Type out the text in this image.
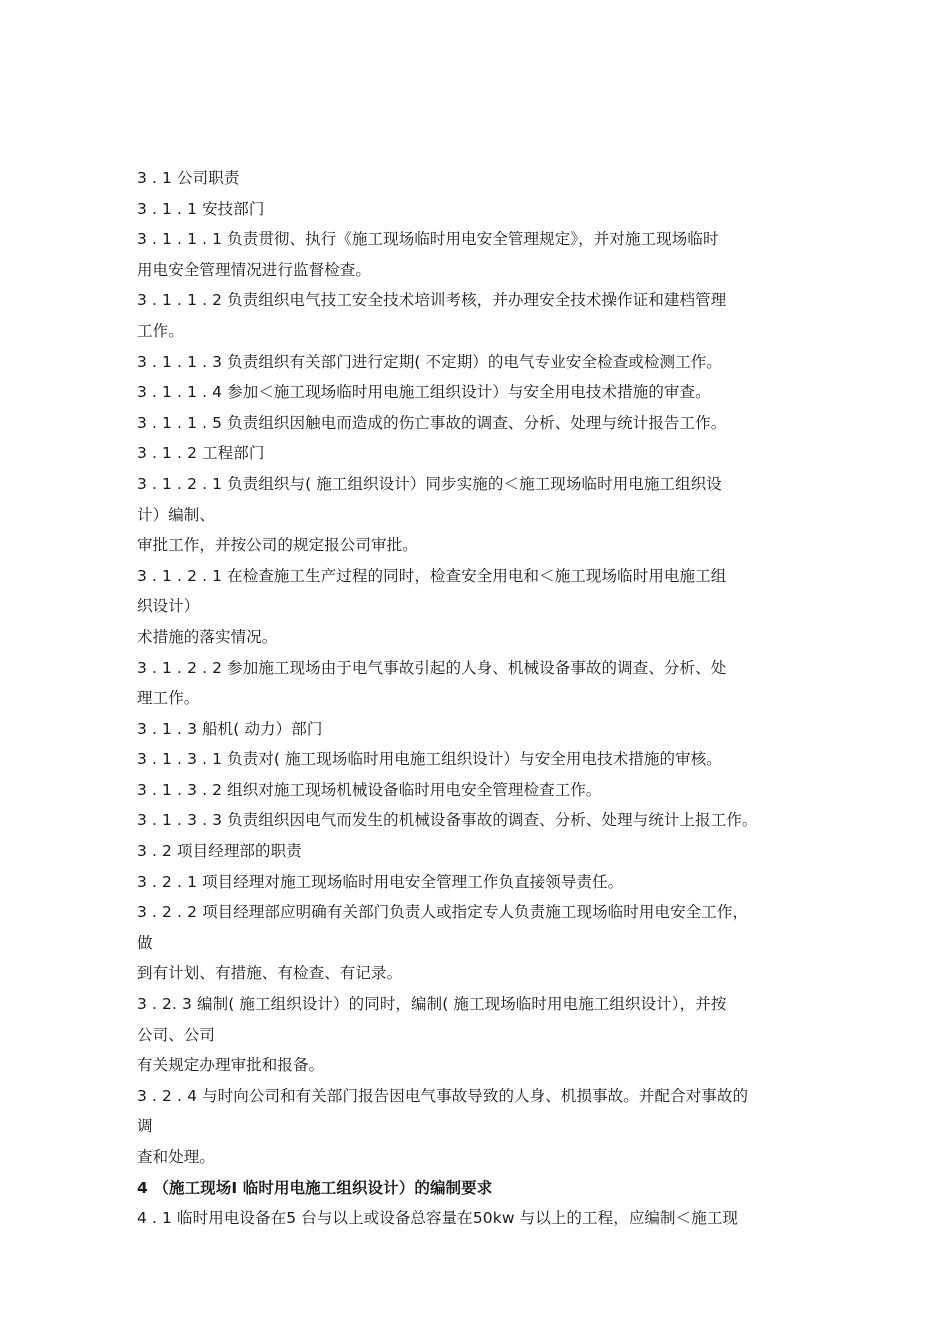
3 . 1 公司职责
3 . 1 . 1 安技部门
3 . 1 . 1 . 1 负责贯彻、执行《施工现场临时用电安全管理规定》，并对施工现场临时
用电安全管理情况进行监督检查。
3 . 1 . 1 . 2 负责组织电气技工安全技术培训考核，并办理安全技术操作证和建档管理
工作。
3 . 1 . 1 . 3 负责组织有关部门进行定期( 不定期）的电气专业安全检查或检测工作。
3 . 1 . 1 . 4 参加＜施工现场临时用电施工组织设计）与安全用电技术措施的审查。
3 . 1 . 1 . 5 负责组织因触电而造成的伤亡事故的调查、分析、处理与统计报告工作。
3 . 1 . 2 工程部门
3 . 1 . 2 . 1 负责组织与( 施工组织设计）同步实施的＜施工现场临时用电施工组织设
计）编制、
审批工作，并按公司的规定报公司审批。
3 . 1 . 2 . 1 在检查施工生产过程的同时，检查安全用电和＜施工现场临时用电施工组
织设计）
术措施的落实情况。
3 . 1 . 2 . 2 参加施工现场由于电气事故引起的人身、机械设备事故的调查、分析、处
理工作。
3 . 1 . 3 船机( 动力）部门
3 . 1 . 3 . 1 负责对( 施工现场临时用电施工组织设计）与安全用电技术措施的审核。
3 . 1 . 3 . 2 组织对施工现场机械设备临时用电安全管理检查工作。
3 . 1 . 3 . 3 负责组织因电气而发生的机械设备事故的调查、分析、处理与统计上报工作。
3 . 2 项目经理部的职责
3 . 2 . 1 项目经理对施工现场临时用电安全管理工作负直接领导责任。
3 . 2 . 2 项目经理部应明确有关部门负责人或指定专人负责施工现场临时用电安全工作，
做
到有计划、有措施、有检查、有记录。
3 . 2. 3 编制( 施工组织设计）的同时，编制( 施工现场临时用电施工组织设计），并按
公司、公司
有关规定办理审批和报备。
3 . 2 . 4 与时向公司和有关部门报告因电气事故导致的人身、机损事故。并配合对事故的
调
查和处理。
4 （施工现场I 临时用电施工组织设计）的编制要求
4 . 1 临时用电设备在5 台与以上或设备总容量在50kw 与以上的工程，应编制＜施工现
